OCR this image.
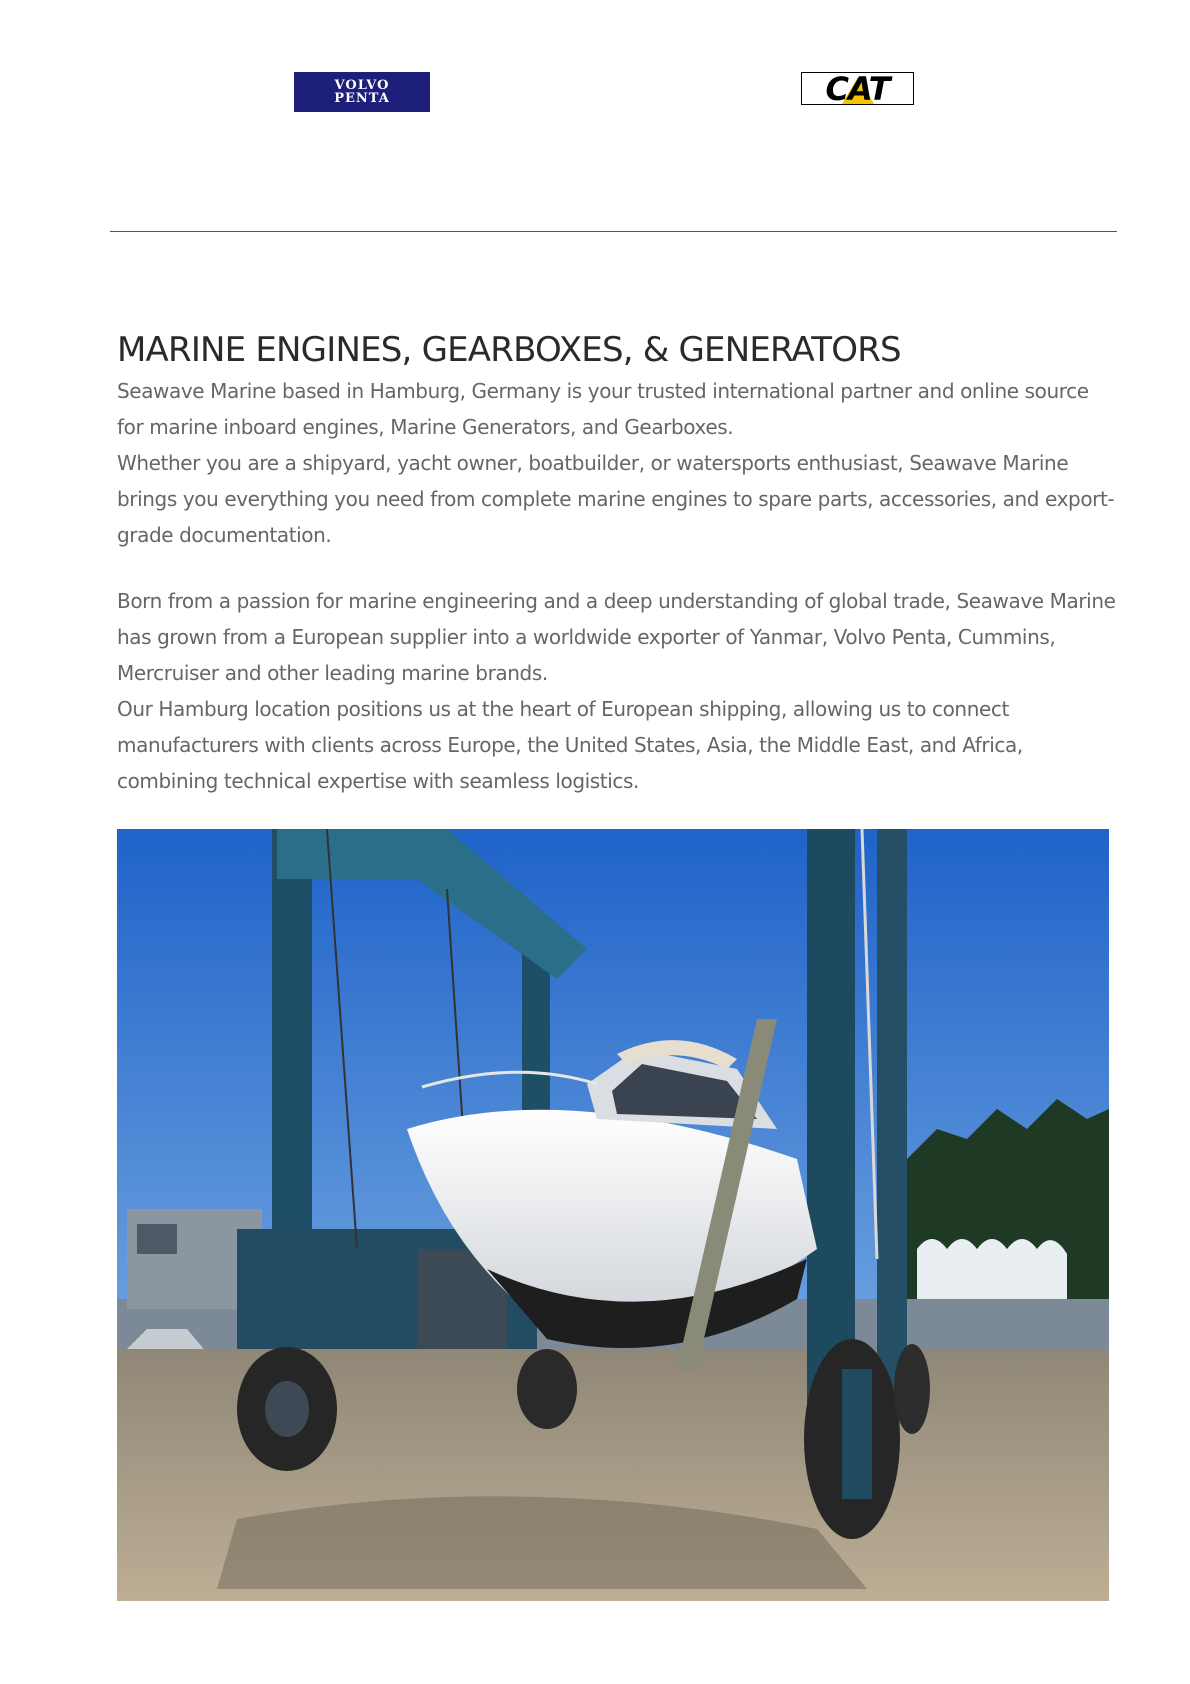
VOLVO
PENTA	CAT
MARINE ENGINES, GEARBOXES, & GENERATORS

Seawave Marine based in Hamburg, Germany is your trusted international partner and online source for marine inboard engines, Marine Generators, and Gearboxes.

Whether you are a shipyard, yacht owner, boatbuilder, or watersports enthusiast, Seawave Marine brings you everything you need from complete marine engines to spare parts, accessories, and export-grade documentation.

Born from a passion for marine engineering and a deep understanding of global trade, Seawave Marine has grown from a European supplier into a worldwide exporter of Yanmar, Volvo Penta, Cummins, Mercruiser and other leading marine brands.

Our Hamburg location positions us at the heart of European shipping, allowing us to connect manufacturers with clients across Europe, the United States, Asia, the Middle East, and Africa, combining technical expertise with seamless logistics.
